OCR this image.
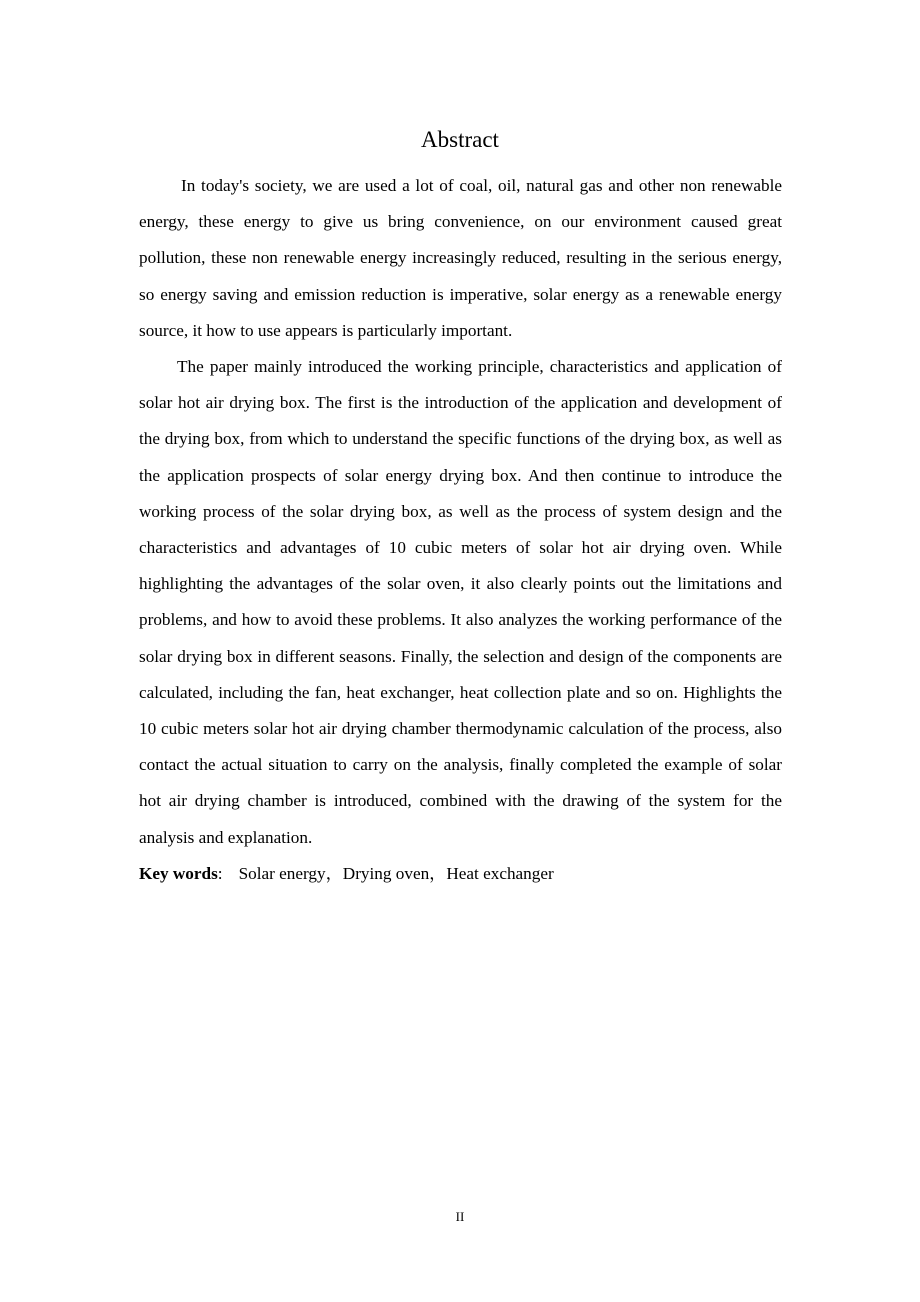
Abstract

In today's society, we are used a lot of coal, oil, natural gas and other non renewable energy, these energy to give us bring convenience, on our environment caused great pollution, these non renewable energy increasingly reduced, resulting in the serious energy, so energy saving and emission reduction is imperative, solar energy as a renewable energy source, it how to use appears is particularly important.

The paper mainly introduced the working principle, characteristics and application of solar hot air drying box. The first is the introduction of the application and development of the drying box, from which to understand the specific functions of the drying box, as well as the application prospects of solar energy drying box. And then continue to introduce the working process of the solar drying box, as well as the process of system design and the characteristics and advantages of 10 cubic meters of solar hot air drying oven. While highlighting the advantages of the solar oven, it also clearly points out the limitations and problems, and how to avoid these problems. It also analyzes the working performance of the solar drying box in different seasons. Finally, the selection and design of the components are calculated, including the fan, heat exchanger, heat collection plate and so on. Highlights the 10 cubic meters solar hot air drying chamber thermodynamic calculation of the process, also contact the actual situation to carry on the analysis, finally completed the example of solar hot air drying chamber is introduced, combined with the drawing of the system for the analysis and explanation.

Key words: Solar energy，Drying oven，Heat exchanger

II
